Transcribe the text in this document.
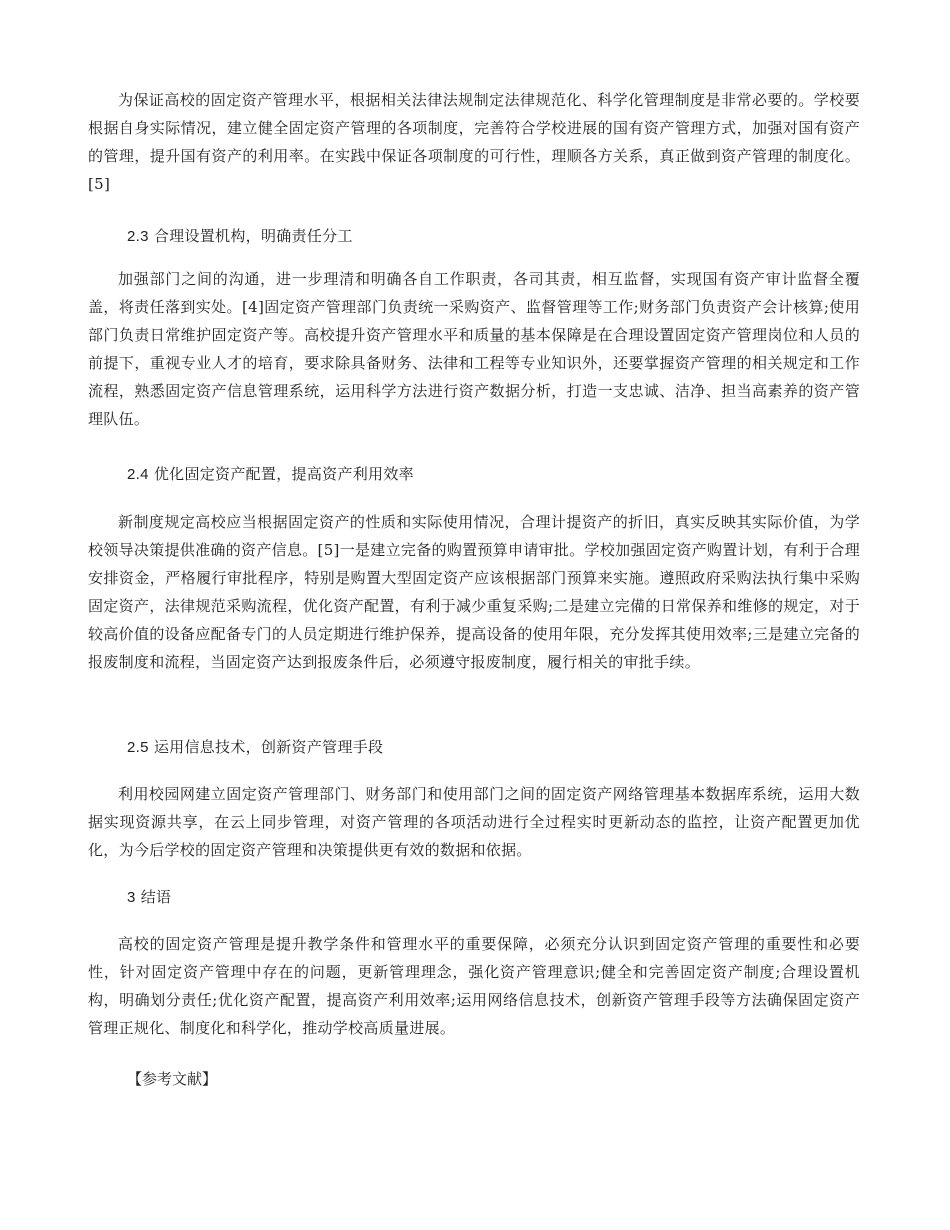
为保证高校的固定资产管理水平，根据相关法律法规制定法律规范化、科学化管理制度是非常必要的。学校要根据自身实际情况，建立健全固定资产管理的各项制度，完善符合学校进展的国有资产管理方式，加强对国有资产的管理，提升国有资产的利用率。在实践中保证各项制度的可行性，理顺各方关系，真正做到资产管理的制度化。[5]

2.3 合理设置机构，明确责任分工

加强部门之间的沟通，进一步理清和明确各自工作职责，各司其责，相互监督，实现国有资产审计监督全覆盖，将责任落到实处。[4]固定资产管理部门负责统一采购资产、监督管理等工作;财务部门负责资产会计核算;使用部门负责日常维护固定资产等。高校提升资产管理水平和质量的基本保障是在合理设置固定资产管理岗位和人员的前提下，重视专业人才的培育，要求除具备财务、法律和工程等专业知识外，还要掌握资产管理的相关规定和工作流程，熟悉固定资产信息管理系统，运用科学方法进行资产数据分析，打造一支忠诚、洁净、担当高素养的资产管理队伍。

2.4 优化固定资产配置，提高资产利用效率

新制度规定高校应当根据固定资产的性质和实际使用情况，合理计提资产的折旧，真实反映其实际价值，为学校领导决策提供准确的资产信息。[5]一是建立完备的购置预算申请审批。学校加强固定资产购置计划，有利于合理安排资金，严格履行审批程序，特别是购置大型固定资产应该根据部门预算来实施。遵照政府采购法执行集中采购固定资产，法律规范采购流程，优化资产配置，有利于减少重复采购;二是建立完備的日常保养和维修的规定，对于较高价值的设备应配备专门的人员定期进行维护保养，提高设备的使用年限，充分发挥其使用效率;三是建立完备的报废制度和流程，当固定资产达到报废条件后，必须遵守报废制度，履行相关的审批手续。

2.5 运用信息技术，创新资产管理手段

利用校园网建立固定资产管理部门、财务部门和使用部门之间的固定资产网络管理基本数据库系统，运用大数据实现资源共享，在云上同步管理，对资产管理的各项活动进行全过程实时更新动态的监控，让资产配置更加优化，为今后学校的固定资产管理和决策提供更有效的数据和依据。

3 结语

高校的固定资产管理是提升教学条件和管理水平的重要保障，必须充分认识到固定资产管理的重要性和必要性，针对固定资产管理中存在的问题，更新管理理念，强化资产管理意识;健全和完善固定资产制度;合理设置机构，明确划分责任;优化资产配置，提高资产利用效率;运用网络信息技术，创新资产管理手段等方法确保固定资产管理正规化、制度化和科学化，推动学校高质量进展。

【参考文献】
